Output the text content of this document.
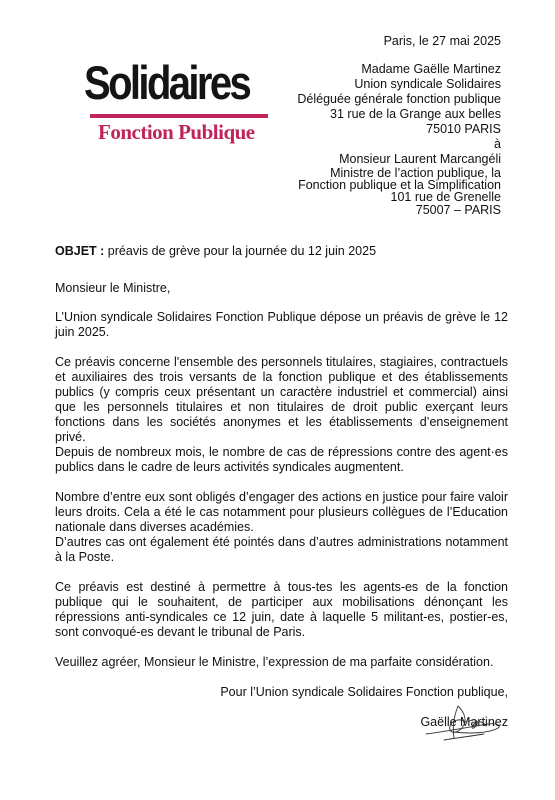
Paris, le 27 mai 2025
Solidaires
Fonction Publique
Madame Gaëlle Martinez
Union syndicale Solidaires
Déléguée générale fonction publique
31 rue de la Grange aux belles
75010 PARIS
à
Monsieur Laurent Marcangéli
Ministre de l’action publique, la
Fonction publique et la Simplification
101 rue de Grenelle
75007 – PARIS
OBJET : préavis de grève pour la journée du 12 juin 2025
Monsieur le Ministre,
L’Union syndicale Solidaires Fonction Publique dépose un préavis de grève le 12 juin 2025.
Ce préavis concerne l'ensemble des personnels titulaires, stagiaires, contractuels et auxiliaires des trois versants de la fonction publique et des établissements publics (y compris ceux présentant un caractère industriel et commercial) ainsi que les personnels titulaires et non titulaires de droit public exerçant leurs fonctions dans les sociétés anonymes et les établissements d’enseignement privé.
Depuis de nombreux mois, le nombre de cas de répressions contre des agent·es publics dans le cadre de leurs activités syndicales augmentent.
Nombre d’entre eux sont obligés d’engager des actions en justice pour faire valoir leurs droits. Cela a été le cas notamment pour plusieurs collègues de l’Education nationale dans diverses académies.
D’autres cas ont également été pointés dans d’autres administrations notamment à la Poste.
Ce préavis est destiné à permettre à tous-tes les agents-es de la fonction publique qui le souhaitent, de participer aux mobilisations dénonçant les répressions anti-syndicales ce 12 juin, date à laquelle 5 militant-es, postier-es, sont convoqué-es devant le tribunal de Paris.
Veuillez agréer, Monsieur le Ministre, l’expression de ma parfaite considération.
Pour l’Union syndicale Solidaires Fonction publique,
Gaëlle Martinez
